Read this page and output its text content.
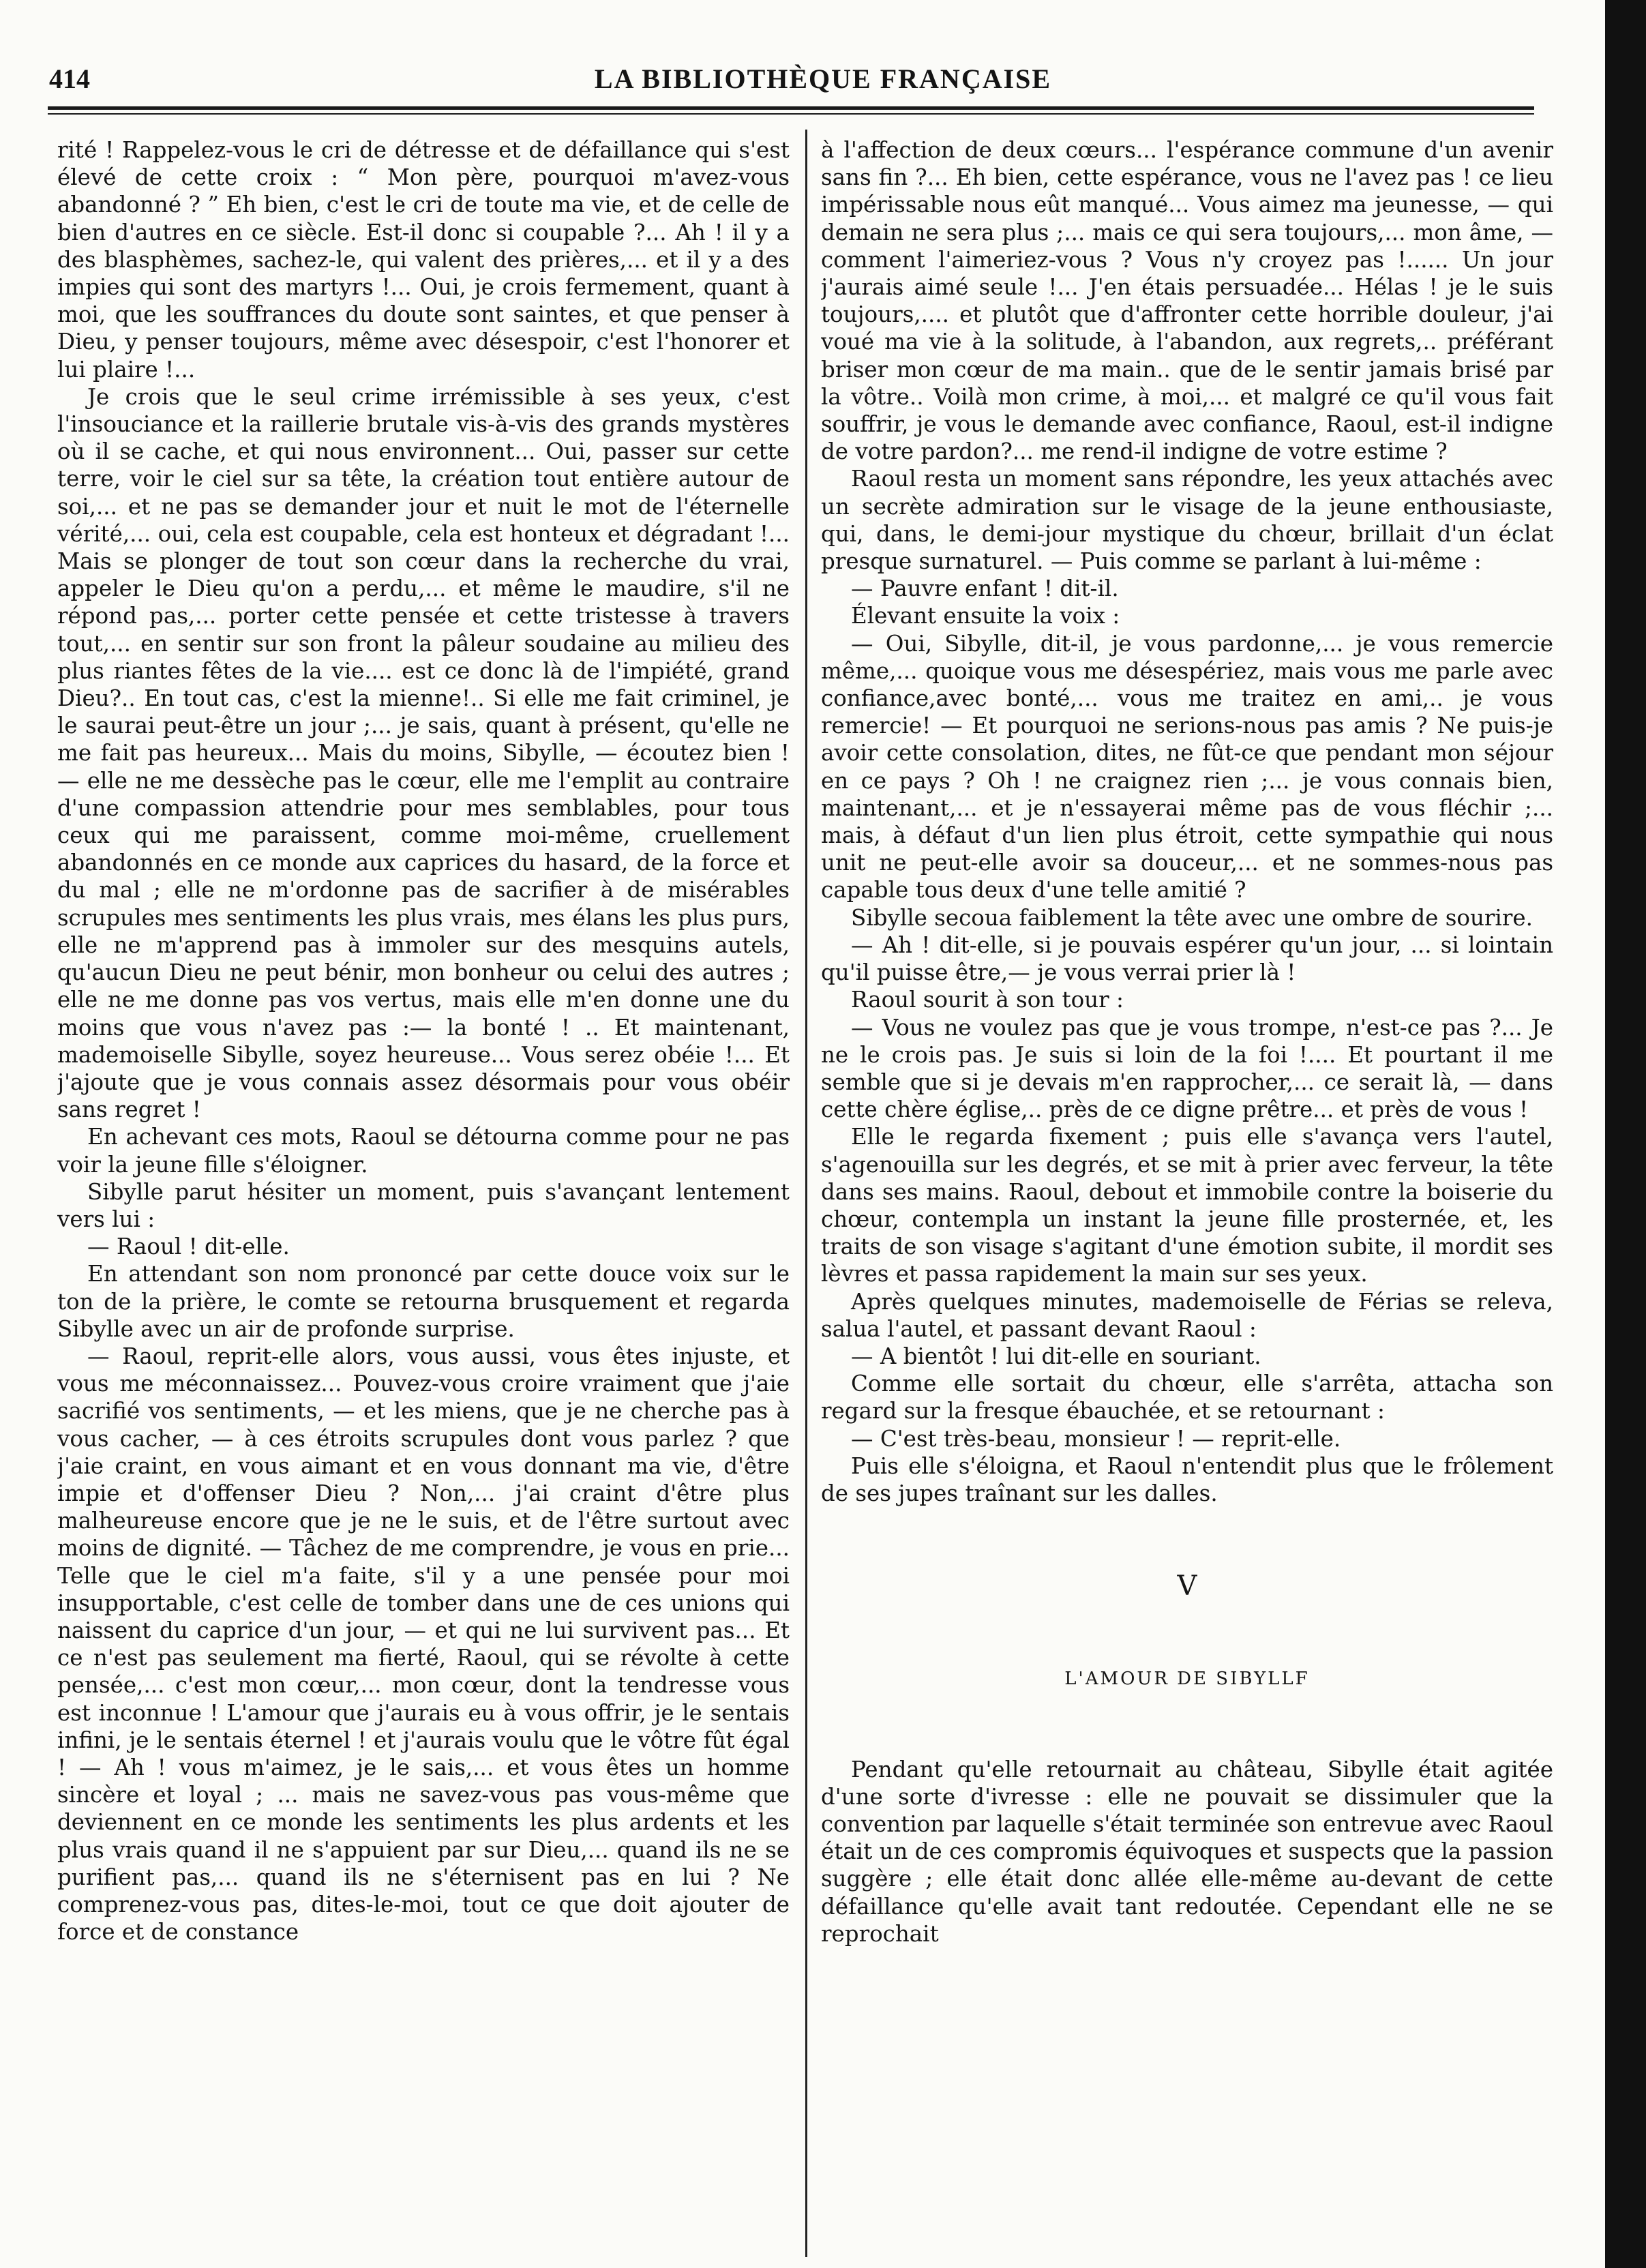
414	LA BIBLIOTHÈQUE FRANÇAISE

rité ! Rappelez-vous le cri de détresse et de défaillance qui s'est élevé de cette croix : “ Mon père, pourquoi m'avez-vous abandonné ? ” Eh bien, c'est le cri de toute ma vie, et de celle de bien d'autres en ce siècle. Est-il donc si coupable ?... Ah ! il y a des blasphèmes, sachez-le, qui valent des prières,... et il y a des impies qui sont des martyrs !... Oui, je crois fermement, quant à moi, que les souffrances du doute sont saintes, et que penser à Dieu, y penser toujours, même avec désespoir, c'est l'honorer et lui plaire !...

Je crois que le seul crime irrémissible à ses yeux, c'est l'insouciance et la raillerie brutale vis-à-vis des grands mystères où il se cache, et qui nous environnent... Oui, passer sur cette terre, voir le ciel sur sa tête, la création tout entière autour de soi,... et ne pas se demander jour et nuit le mot de l'éternelle vérité,... oui, cela est coupable, cela est honteux et dégradant !... Mais se plonger de tout son cœur dans la recherche du vrai, appeler le Dieu qu'on a perdu,... et même le maudire, s'il ne répond pas,... porter cette pensée et cette tristesse à travers tout,... en sentir sur son front la pâleur soudaine au milieu des plus riantes fêtes de la vie.... est ce donc là de l'impiété, grand Dieu?.. En tout cas, c'est la mienne!.. Si elle me fait criminel, je le saurai peut-être un jour ;... je sais, quant à présent, qu'elle ne me fait pas heureux... Mais du moins, Sibylle, — écoutez bien ! — elle ne me dessèche pas le cœur, elle me l'emplit au contraire d'une compassion attendrie pour mes semblables, pour tous ceux qui me paraissent, comme moi-même, cruellement abandonnés en ce monde aux caprices du hasard, de la force et du mal ; elle ne m'ordonne pas de sacrifier à de misérables scrupules mes sentiments les plus vrais, mes élans les plus purs, elle ne m'apprend pas à immoler sur des mesquins autels, qu'aucun Dieu ne peut bénir, mon bonheur ou celui des autres ; elle ne me donne pas vos vertus, mais elle m'en donne une du moins que vous n'avez pas :— la bonté ! .. Et maintenant, mademoiselle Sibylle, soyez heureuse... Vous serez obéie !... Et j'ajoute que je vous connais assez désormais pour vous obéir sans regret !

En achevant ces mots, Raoul se détourna comme pour ne pas voir la jeune fille s'éloigner.

Sibylle parut hésiter un moment, puis s'avançant lentement vers lui :

— Raoul ! dit-elle.

En attendant son nom prononcé par cette douce voix sur le ton de la prière, le comte se retourna brusquement et regarda Sibylle avec un air de profonde surprise.

— Raoul, reprit-elle alors, vous aussi, vous êtes injuste, et vous me méconnaissez... Pouvez-vous croire vraiment que j'aie sacrifié vos sentiments, — et les miens, que je ne cherche pas à vous cacher, — à ces étroits scrupules dont vous parlez ? que j'aie craint, en vous aimant et en vous donnant ma vie, d'être impie et d'offenser Dieu ? Non,... j'ai craint d'être plus malheureuse encore que je ne le suis, et de l'être surtout avec moins de dignité. — Tâchez de me comprendre, je vous en prie... Telle que le ciel m'a faite, s'il y a une pensée pour moi insupportable, c'est celle de tomber dans une de ces unions qui naissent du caprice d'un jour, — et qui ne lui survivent pas... Et ce n'est pas seulement ma fierté, Raoul, qui se révolte à cette pensée,... c'est mon cœur,... mon cœur, dont la tendresse vous est inconnue ! L'amour que j'aurais eu à vous offrir, je le sentais infini, je le sentais éternel ! et j'aurais voulu que le vôtre fût égal ! — Ah ! vous m'aimez, je le sais,... et vous êtes un homme sincère et loyal ; ... mais ne savez-vous pas vous-même que deviennent en ce monde les sentiments les plus ardents et les plus vrais quand il ne s'appuient par sur Dieu,... quand ils ne se purifient pas,... quand ils ne s'éternisent pas en lui ? Ne comprenez-vous pas, dites-le-moi, tout ce que doit ajouter de force et de constance

à l'affection de deux cœurs... l'espérance commune d'un avenir sans fin ?... Eh bien, cette espérance, vous ne l'avez pas ! ce lieu impérissable nous eût manqué... Vous aimez ma jeunesse, — qui demain ne sera plus ;... mais ce qui sera toujours,... mon âme, — comment l'aimeriez-vous ? Vous n'y croyez pas !...... Un jour j'aurais aimé seule !... J'en étais persuadée... Hélas ! je le suis toujours,.... et plutôt que d'affronter cette horrible douleur, j'ai voué ma vie à la solitude, à l'abandon, aux regrets,.. préférant briser mon cœur de ma main.. que de le sentir jamais brisé par la vôtre.. Voilà mon crime, à moi,... et malgré ce qu'il vous fait souffrir, je vous le demande avec confiance, Raoul, est-il indigne de votre pardon?... me rend-il indigne de votre estime ?

Raoul resta un moment sans répondre, les yeux attachés avec un secrète admiration sur le visage de la jeune enthousiaste, qui, dans, le demi-jour mystique du chœur, brillait d'un éclat presque surnaturel. — Puis comme se parlant à lui-même :

— Pauvre enfant ! dit-il.

Élevant ensuite la voix :

— Oui, Sibylle, dit-il, je vous pardonne,... je vous remercie même,... quoique vous me désespériez, mais vous me parle avec confiance,avec bonté,... vous me traitez en ami,.. je vous remercie! — Et pourquoi ne serions-nous pas amis ? Ne puis-je avoir cette consolation, dites, ne fût-ce que pendant mon séjour en ce pays ? Oh ! ne craignez rien ;... je vous connais bien, maintenant,... et je n'essayerai même pas de vous fléchir ;... mais, à défaut d'un lien plus étroit, cette sympathie qui nous unit ne peut-elle avoir sa douceur,... et ne sommes-nous pas capable tous deux d'une telle amitié ?

Sibylle secoua faiblement la tête avec une ombre de sourire.

— Ah ! dit-elle, si je pouvais espérer qu'un jour, ... si lointain qu'il puisse être,— je vous verrai prier là !

Raoul sourit à son tour :

— Vous ne voulez pas que je vous trompe, n'est-ce pas ?... Je ne le crois pas. Je suis si loin de la foi !.... Et pourtant il me semble que si je devais m'en rapprocher,... ce serait là, — dans cette chère église,.. près de ce digne prêtre... et près de vous !

Elle le regarda fixement ; puis elle s'avança vers l'autel, s'agenouilla sur les degrés, et se mit à prier avec ferveur, la tête dans ses mains. Raoul, debout et immobile contre la boiserie du chœur, contempla un instant la jeune fille prosternée, et, les traits de son visage s'agitant d'une émotion subite, il mordit ses lèvres et passa rapidement la main sur ses yeux.

Après quelques minutes, mademoiselle de Férias se releva, salua l'autel, et passant devant Raoul :

— A bientôt ! lui dit-elle en souriant.

Comme elle sortait du chœur, elle s'arrêta, attacha son regard sur la fresque ébauchée, et se retournant :

— C'est très-beau, monsieur ! — reprit-elle.

Puis elle s'éloigna, et Raoul n'entendit plus que le frôlement de ses jupes traînant sur les dalles.

V
L'AMOUR DE SIBYLLF

Pendant qu'elle retournait au château, Sibylle était agitée d'une sorte d'ivresse : elle ne pouvait se dissimuler que la convention par laquelle s'était terminée son entrevue avec Raoul était un de ces compromis équivoques et suspects que la passion suggère ; elle était donc allée elle-même au-devant de cette défaillance qu'elle avait tant redoutée. Cependant elle ne se reprochait
